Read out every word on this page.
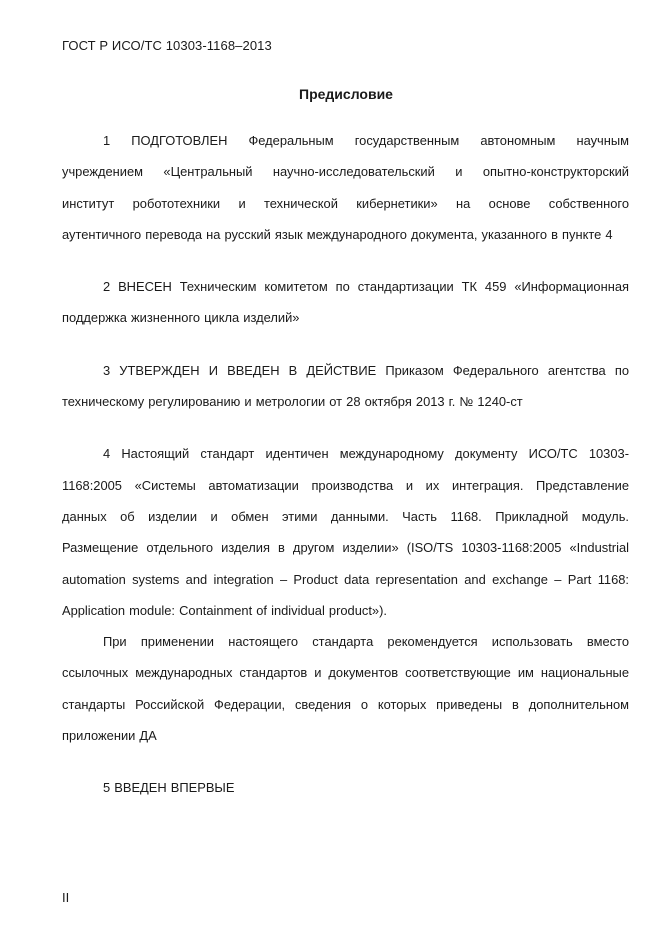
ГОСТ Р ИСО/ТС 10303-1168–2013
Предисловие
1 ПОДГОТОВЛЕН Федеральным государственным автономным научным
учреждением «Центральный научно-исследовательский и опытно-конструкторский
институт робототехники и технической кибернетики» на основе собственного
аутентичного перевода на русский язык международного документа, указанного в пункте 4
2 ВНЕСЕН Техническим комитетом по стандартизации ТК 459 «Информационная
поддержка жизненного цикла изделий»
3 УТВЕРЖДЕН И ВВЕДЕН В ДЕЙСТВИЕ Приказом Федерального агентства по
техническому регулированию и метрологии от 28 октября 2013 г. № 1240-ст
4 Настоящий стандарт идентичен международному документу ИСО/ТС 10303-
1168:2005 «Системы автоматизации производства и их интеграция. Представление
данных об изделии и обмен этими данными. Часть 1168. Прикладной модуль.
Размещение отдельного изделия в другом изделии» (ISO/TS 10303-1168:2005 «Industrial
automation systems and integration – Product data representation and exchange – Part 1168:
Application module: Containment of individual product»).
При применении настоящего стандарта рекомендуется использовать вместо
ссылочных международных стандартов и документов соответствующие им национальные
стандарты Российской Федерации, сведения о которых приведены в дополнительном
приложении ДА
5 ВВЕДЕН ВПЕРВЫЕ
II
